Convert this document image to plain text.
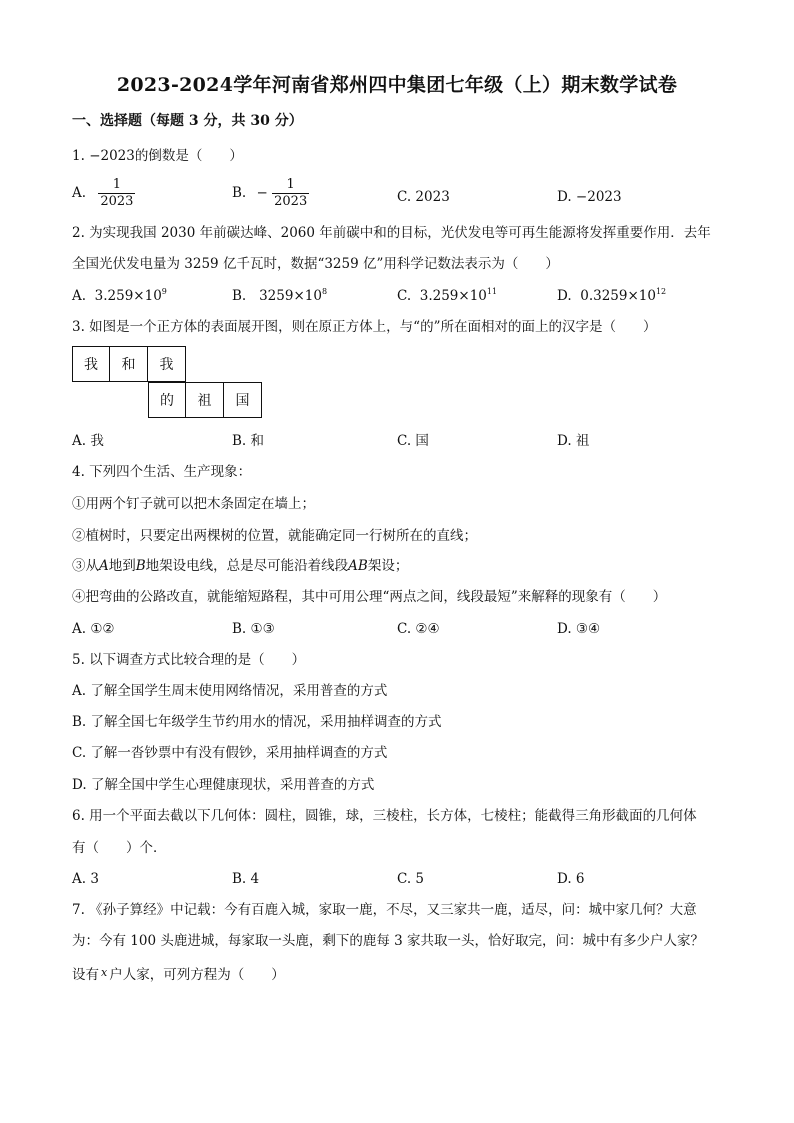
2023-2024学年河南省郑州四中集团七年级（上）期末数学试卷
一、选择题（每题 3 分，共 30 分）
1. −2023的倒数是（　　）
A. $\frac{1}{2023}$	B. − $\frac{1}{2023}$	C. 2023	D. −2023
2. 为实现我国 2030 年前碳达峰、2060 年前碳中和的目标，光伏发电等可再生能源将发挥重要作用．去年
全国光伏发电量为 3259 亿千瓦时，数据“3259 亿”用科学记数法表示为（　　）
A. $3.259\times 10^9$	B. $3259\times 10^8$	C. $3.259\times 10^{11}$	D. $0.3259\times 10^{12}$
3. 如图是一个正方体的表面展开图，则在原正方体上，与“的”所在面相对的面上的汉字是（　　）
我	和	我
的	祖	国
A. 我	B. 和	C. 国	D. 祖
4. 下列四个生活、生产现象：
①用两个钉子就可以把木条固定在墙上；
②植树时，只要定出两棵树的位置，就能确定同一行树所在的直线；
③从A地到B地架设电线，总是尽可能沿着线段AB架设；
④把弯曲的公路改直，就能缩短路程，其中可用公理“两点之间，线段最短”来解释的现象有（　　）
A. ①②	B. ①③	C. ②④	D. ③④
5. 以下调查方式比较合理的是（　　）
A. 了解全国学生周末使用网络情况，采用普查的方式
B. 了解全国七年级学生节约用水的情况，采用抽样调查的方式
C. 了解一沓钞票中有没有假钞，采用抽样调查的方式
D. 了解全国中学生心理健康现状，采用普查的方式
6. 用一个平面去截以下几何体：圆柱，圆锥，球，三棱柱，长方体，七棱柱；能截得三角形截面的几何体
有（　　）个．
A. 3	B. 4	C. 5	D. 6
7. 《孙子算经》中记载：今有百鹿入城，家取一鹿，不尽，又三家共一鹿，适尽，问：城中家几何？大意
为：今有 100 头鹿进城，每家取一头鹿，剩下的鹿每 3 家共取一头，恰好取完，问：城中有多少户人家？
设有 $^x$ 户人家，可列方程为（　　）
